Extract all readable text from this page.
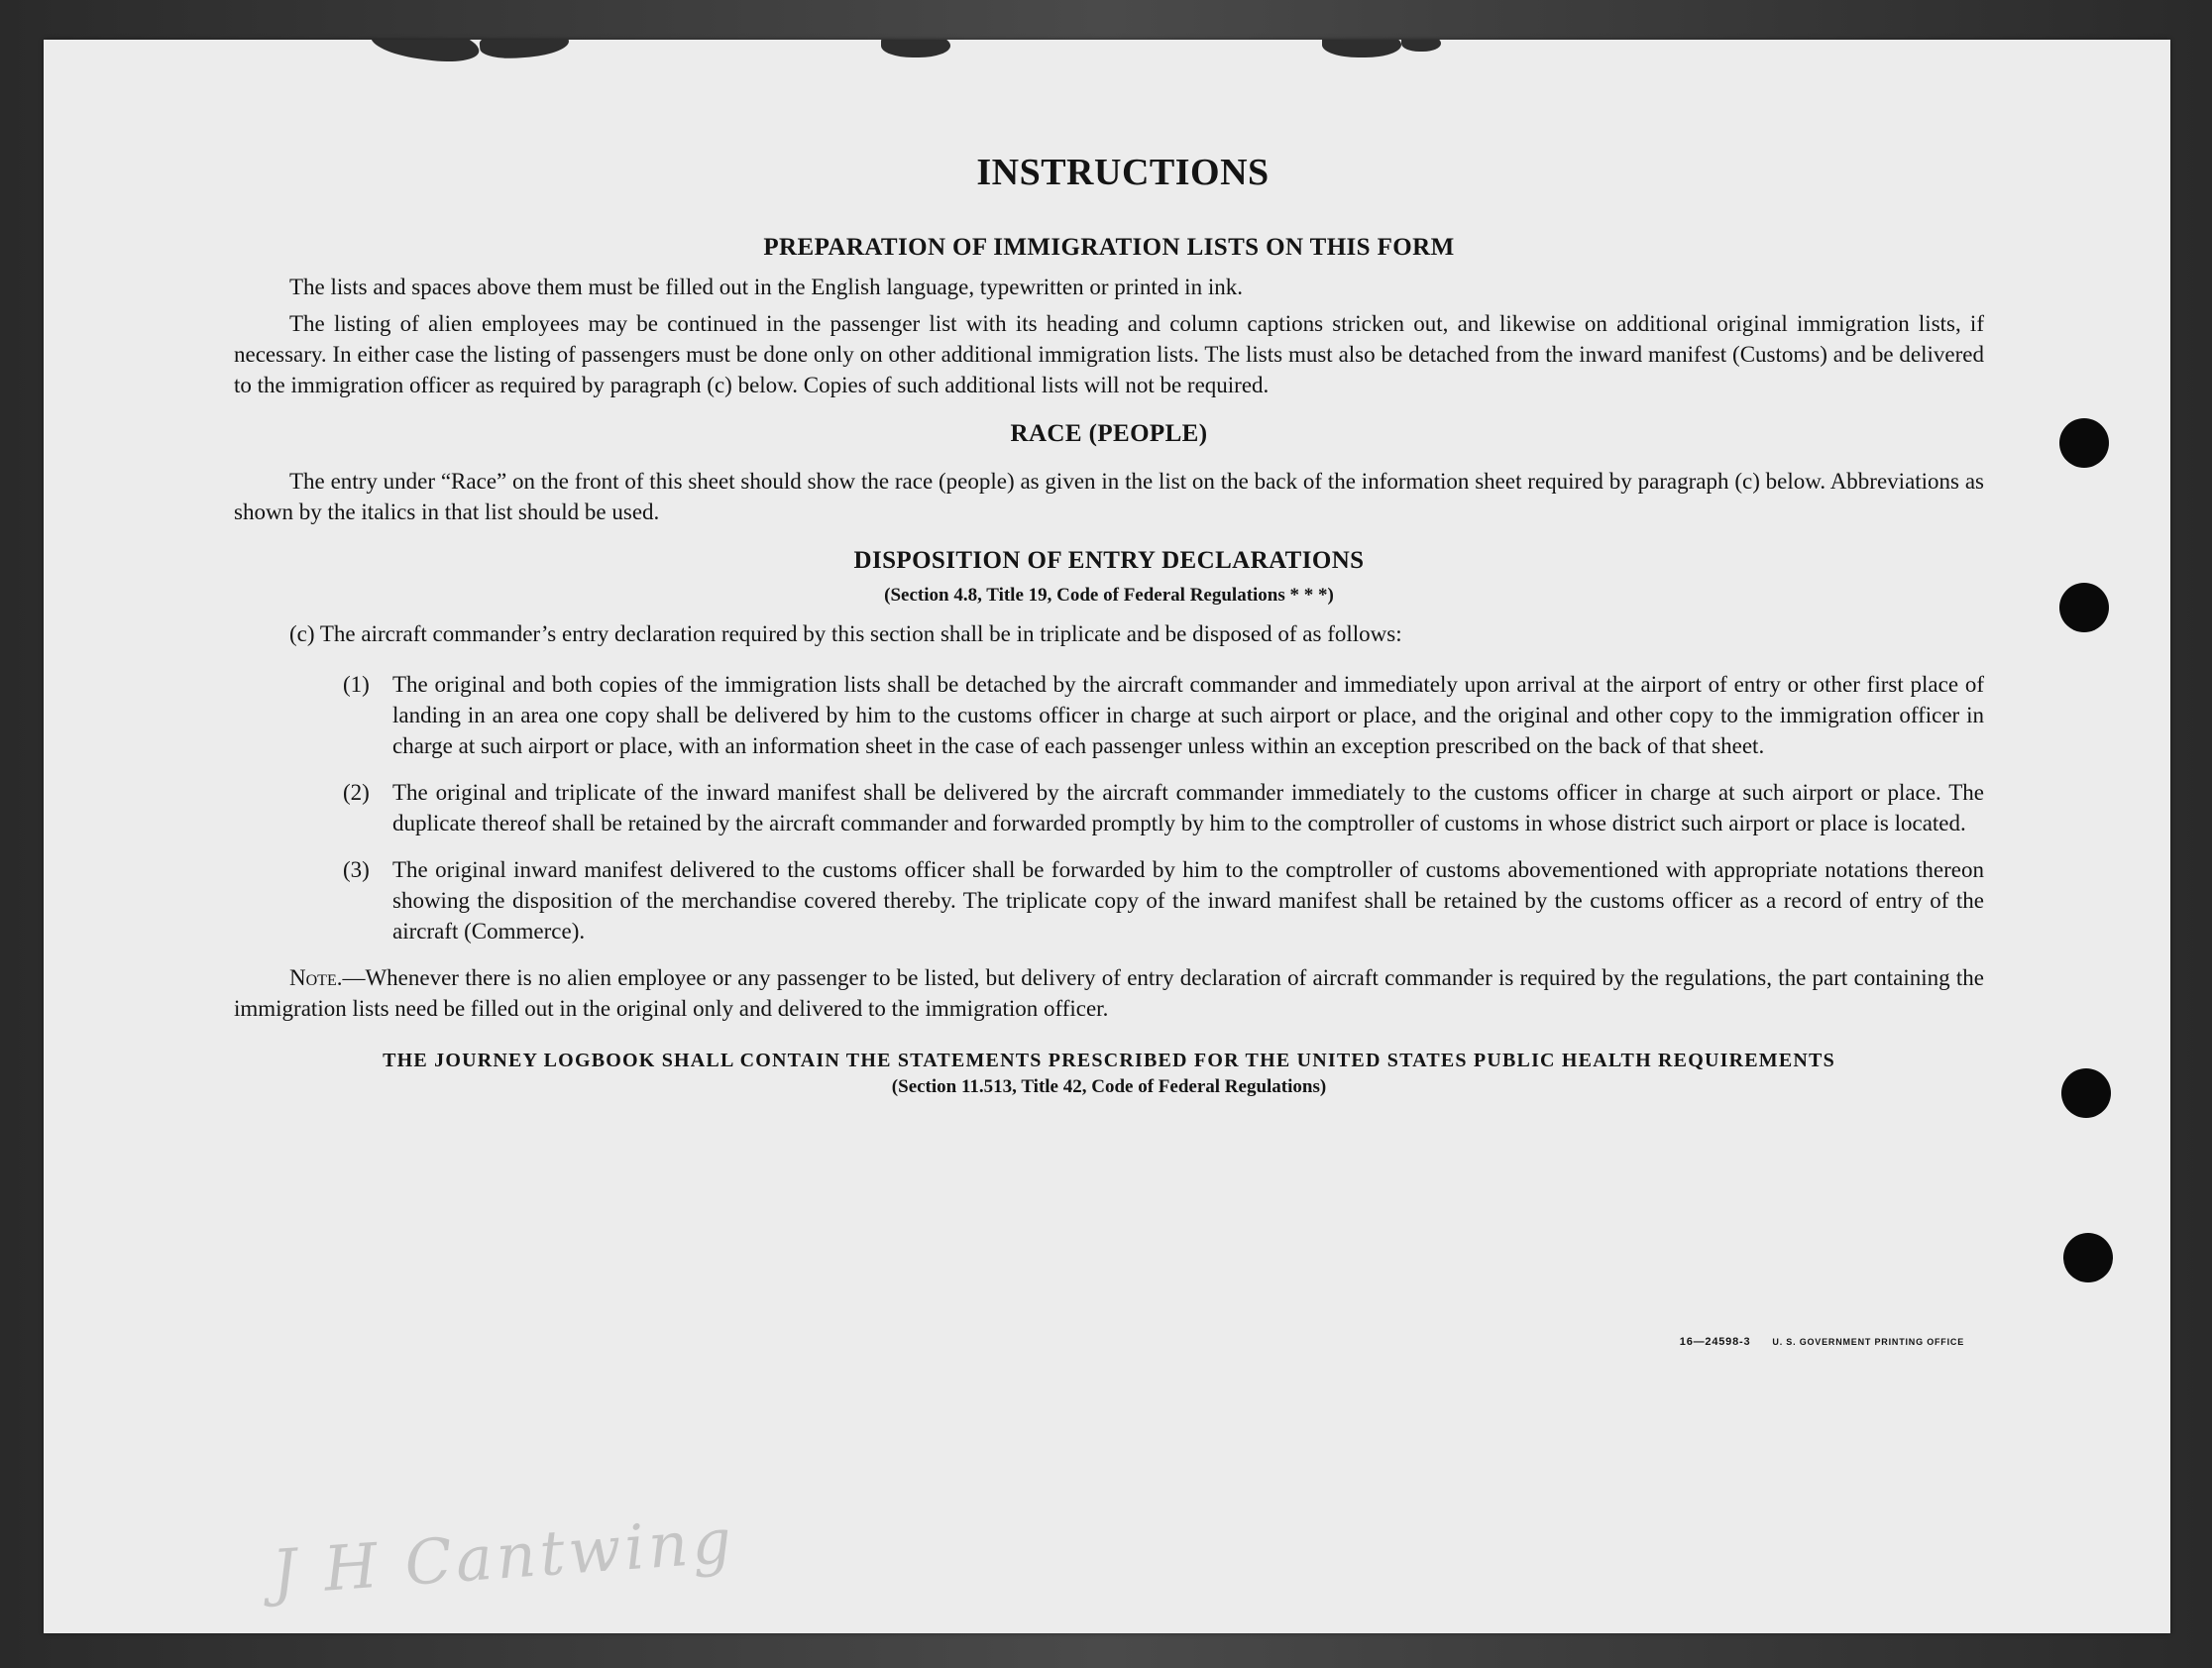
INSTRUCTIONS
PREPARATION OF IMMIGRATION LISTS ON THIS FORM

The lists and spaces above them must be filled out in the English language, typewritten or printed in ink.

The listing of alien employees may be continued in the passenger list with its heading and column captions stricken out, and likewise on additional original immigration lists, if necessary. In either case the listing of passengers must be done only on other additional immigration lists. The lists must also be detached from the inward manifest (Customs) and be delivered to the immigration officer as required by paragraph (c) below. Copies of such additional lists will not be required.

RACE (PEOPLE)

The entry under “Race” on the front of this sheet should show the race (people) as given in the list on the back of the information sheet required by paragraph (c) below. Abbreviations as shown by the italics in that list should be used.

DISPOSITION OF ENTRY DECLARATIONS
(Section 4.8, Title 19, Code of Federal Regulations * * *)
(c) The aircraft commander’s entry declaration required by this section shall be in triplicate and be disposed of as follows:
(1)	The original and both copies of the immigration lists shall be detached by the aircraft commander and immediately upon arrival at the airport of entry or other first place of landing in an area one copy shall be delivered by him to the customs officer in charge at such airport or place, and the original and other copy to the immigration officer in charge at such airport or place, with an information sheet in the case of each passenger unless within an exception prescribed on the back of that sheet.
(2)	The original and triplicate of the inward manifest shall be delivered by the aircraft commander immediately to the customs officer in charge at such airport or place. The duplicate thereof shall be retained by the aircraft commander and forwarded promptly by him to the comptroller of customs in whose district such airport or place is located.
(3)	The original inward manifest delivered to the customs officer shall be forwarded by him to the comptroller of customs abovementioned with appropriate notations thereon showing the disposition of the merchandise covered thereby. The triplicate copy of the inward manifest shall be retained by the customs officer as a record of entry of the aircraft (Commerce).

Note.—Whenever there is no alien employee or any passenger to be listed, but delivery of entry declaration of aircraft commander is required by the regulations, the part containing the immigration lists need be filled out in the original only and delivered to the immigration officer.

THE JOURNEY LOGBOOK SHALL CONTAIN THE STATEMENTS PRESCRIBED FOR THE UNITED STATES PUBLIC HEALTH REQUIREMENTS
(Section 11.513, Title 42, Code of Federal Regulations)
16—24598-3 U. S. GOVERNMENT PRINTING OFFICE
J H Cantwing
